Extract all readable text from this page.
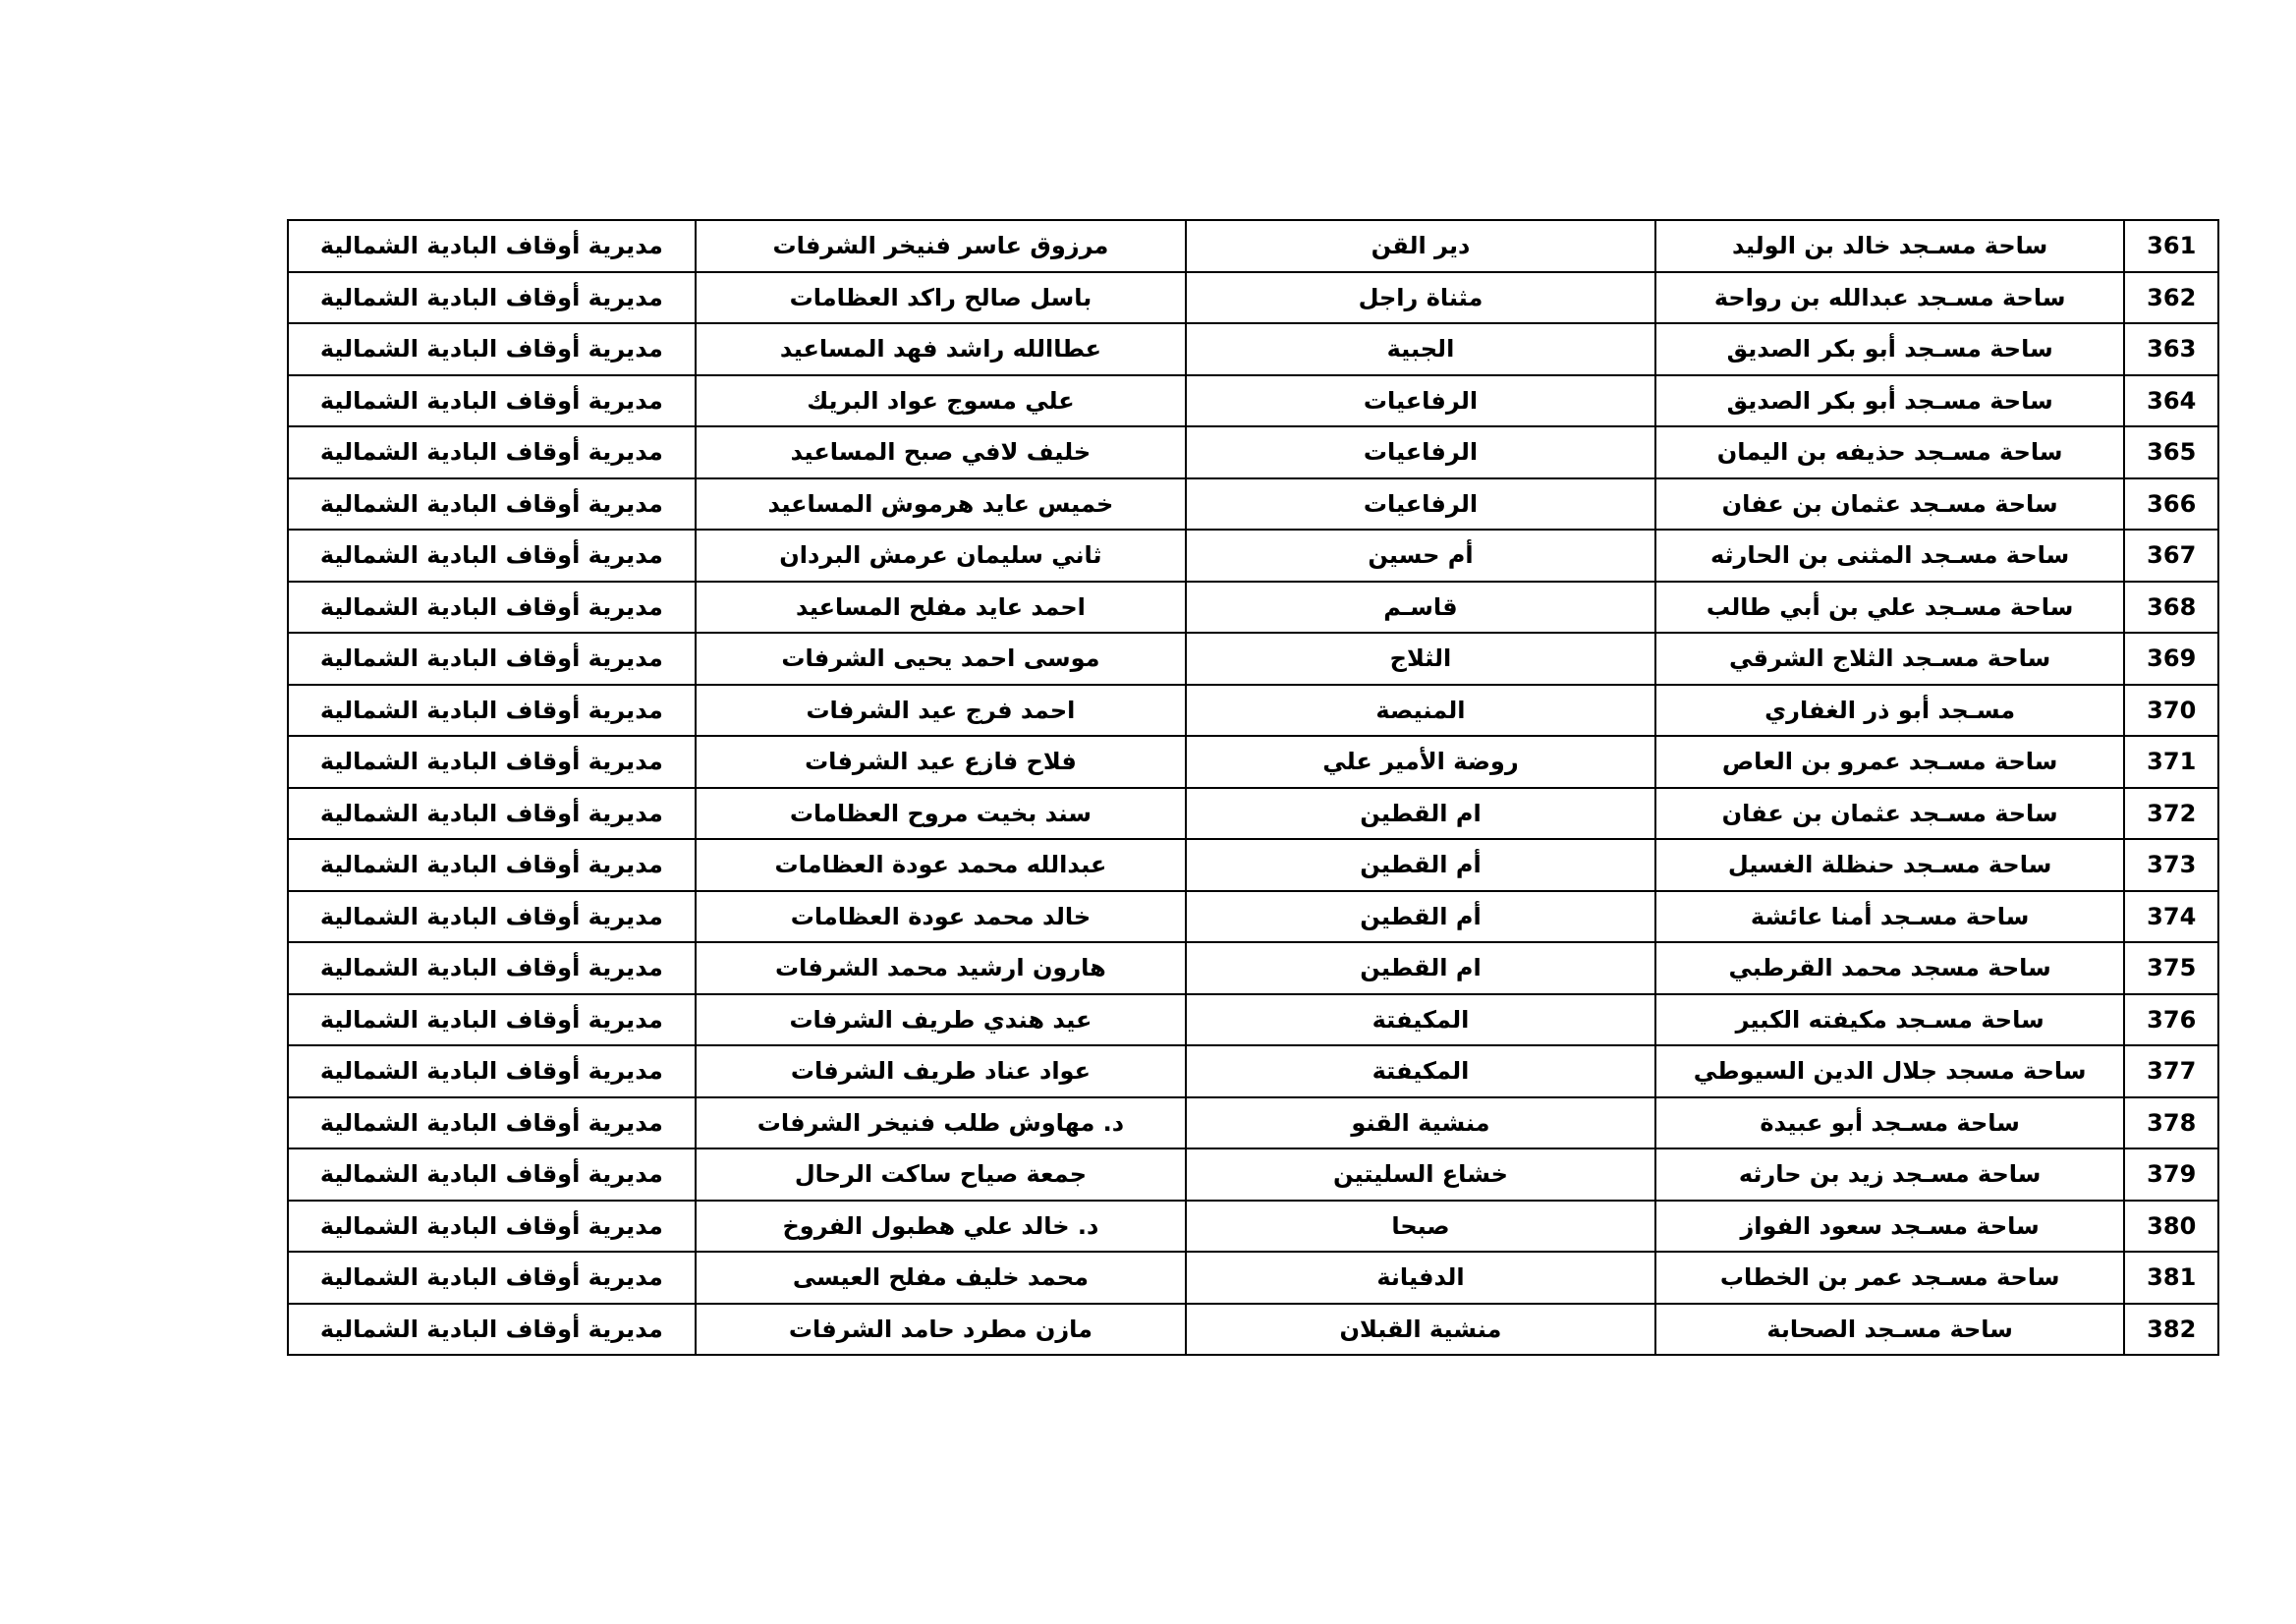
361	ساحة مسـجد خالد بن الوليد	دير القن	مرزوق عاسر فنيخر الشرفات	مديرية أوقاف البادية الشمالية
362	ساحة مسـجد عبدالله بن رواحة	مثناة راجل	باسل صالح راكد العظامات	مديرية أوقاف البادية الشمالية
363	ساحة مسـجد أبو بكر الصديق	الجبية	عطاالله راشد فهد المساعيد	مديرية أوقاف البادية الشمالية
364	ساحة مسـجد أبو بكر الصديق	الرفاعيات	علي مسوج عواد البريك	مديرية أوقاف البادية الشمالية
365	ساحة مسـجد حذيفه بن اليمان	الرفاعيات	خليف لافي صبح المساعيد	مديرية أوقاف البادية الشمالية
366	ساحة مسـجد عثمان بن عفان	الرفاعيات	خميس عايد هرموش المساعيد	مديرية أوقاف البادية الشمالية
367	ساحة مسـجد المثنى بن الحارثه	أم حسين	ثاني سليمان عرمش البردان	مديرية أوقاف البادية الشمالية
368	ساحة مسـجد علي بن أبي طالب	قاسـم	احمد عايد مفلح المساعيد	مديرية أوقاف البادية الشمالية
369	ساحة مسـجد الثلاج الشرقي	الثلاج	موسى احمد يحيى الشرفات	مديرية أوقاف البادية الشمالية
370	مسـجد أبو ذر الغفاري	المنيصة	احمد فرج عيد الشرفات	مديرية أوقاف البادية الشمالية
371	ساحة مسـجد عمرو بن العاص	روضة الأمير علي	فلاح فازع عيد الشرفات	مديرية أوقاف البادية الشمالية
372	ساحة مسـجد عثمان بن عفان	ام القطين	سند بخيت مروح العظامات	مديرية أوقاف البادية الشمالية
373	ساحة مسـجد حنظلة الغسيل	أم القطين	عبدالله محمد عودة العظامات	مديرية أوقاف البادية الشمالية
374	ساحة مسـجد أمنا عائشة	أم القطين	خالد محمد عودة العظامات	مديرية أوقاف البادية الشمالية
375	ساحة مسجد محمد القرطبي	ام القطين	هارون ارشيد محمد الشرفات	مديرية أوقاف البادية الشمالية
376	ساحة مسـجد مكيفته الكبير	المكيفتة	عيد هندي طريف الشرفات	مديرية أوقاف البادية الشمالية
377	ساحة مسجد جلال الدين السيوطي	المكيفتة	عواد عناد طريف الشرفات	مديرية أوقاف البادية الشمالية
378	ساحة مسـجد أبو عبيدة	منشية القنو	د. مهاوش طلب فنيخر الشرفات	مديرية أوقاف البادية الشمالية
379	ساحة مسـجد زيد بن حارثه	خشاع السليتين	جمعة صياح ساكت الرحال	مديرية أوقاف البادية الشمالية
380	ساحة مسـجد سعود الفواز	صبحا	د. خالد علي هطبول الفروخ	مديرية أوقاف البادية الشمالية
381	ساحة مسـجد عمر بن الخطاب	الدفيانة	محمد خليف مفلح العيسى	مديرية أوقاف البادية الشمالية
382	ساحة مسـجد الصحابة	منشية القبلان	مازن مطرد حامد الشرفات	مديرية أوقاف البادية الشمالية
